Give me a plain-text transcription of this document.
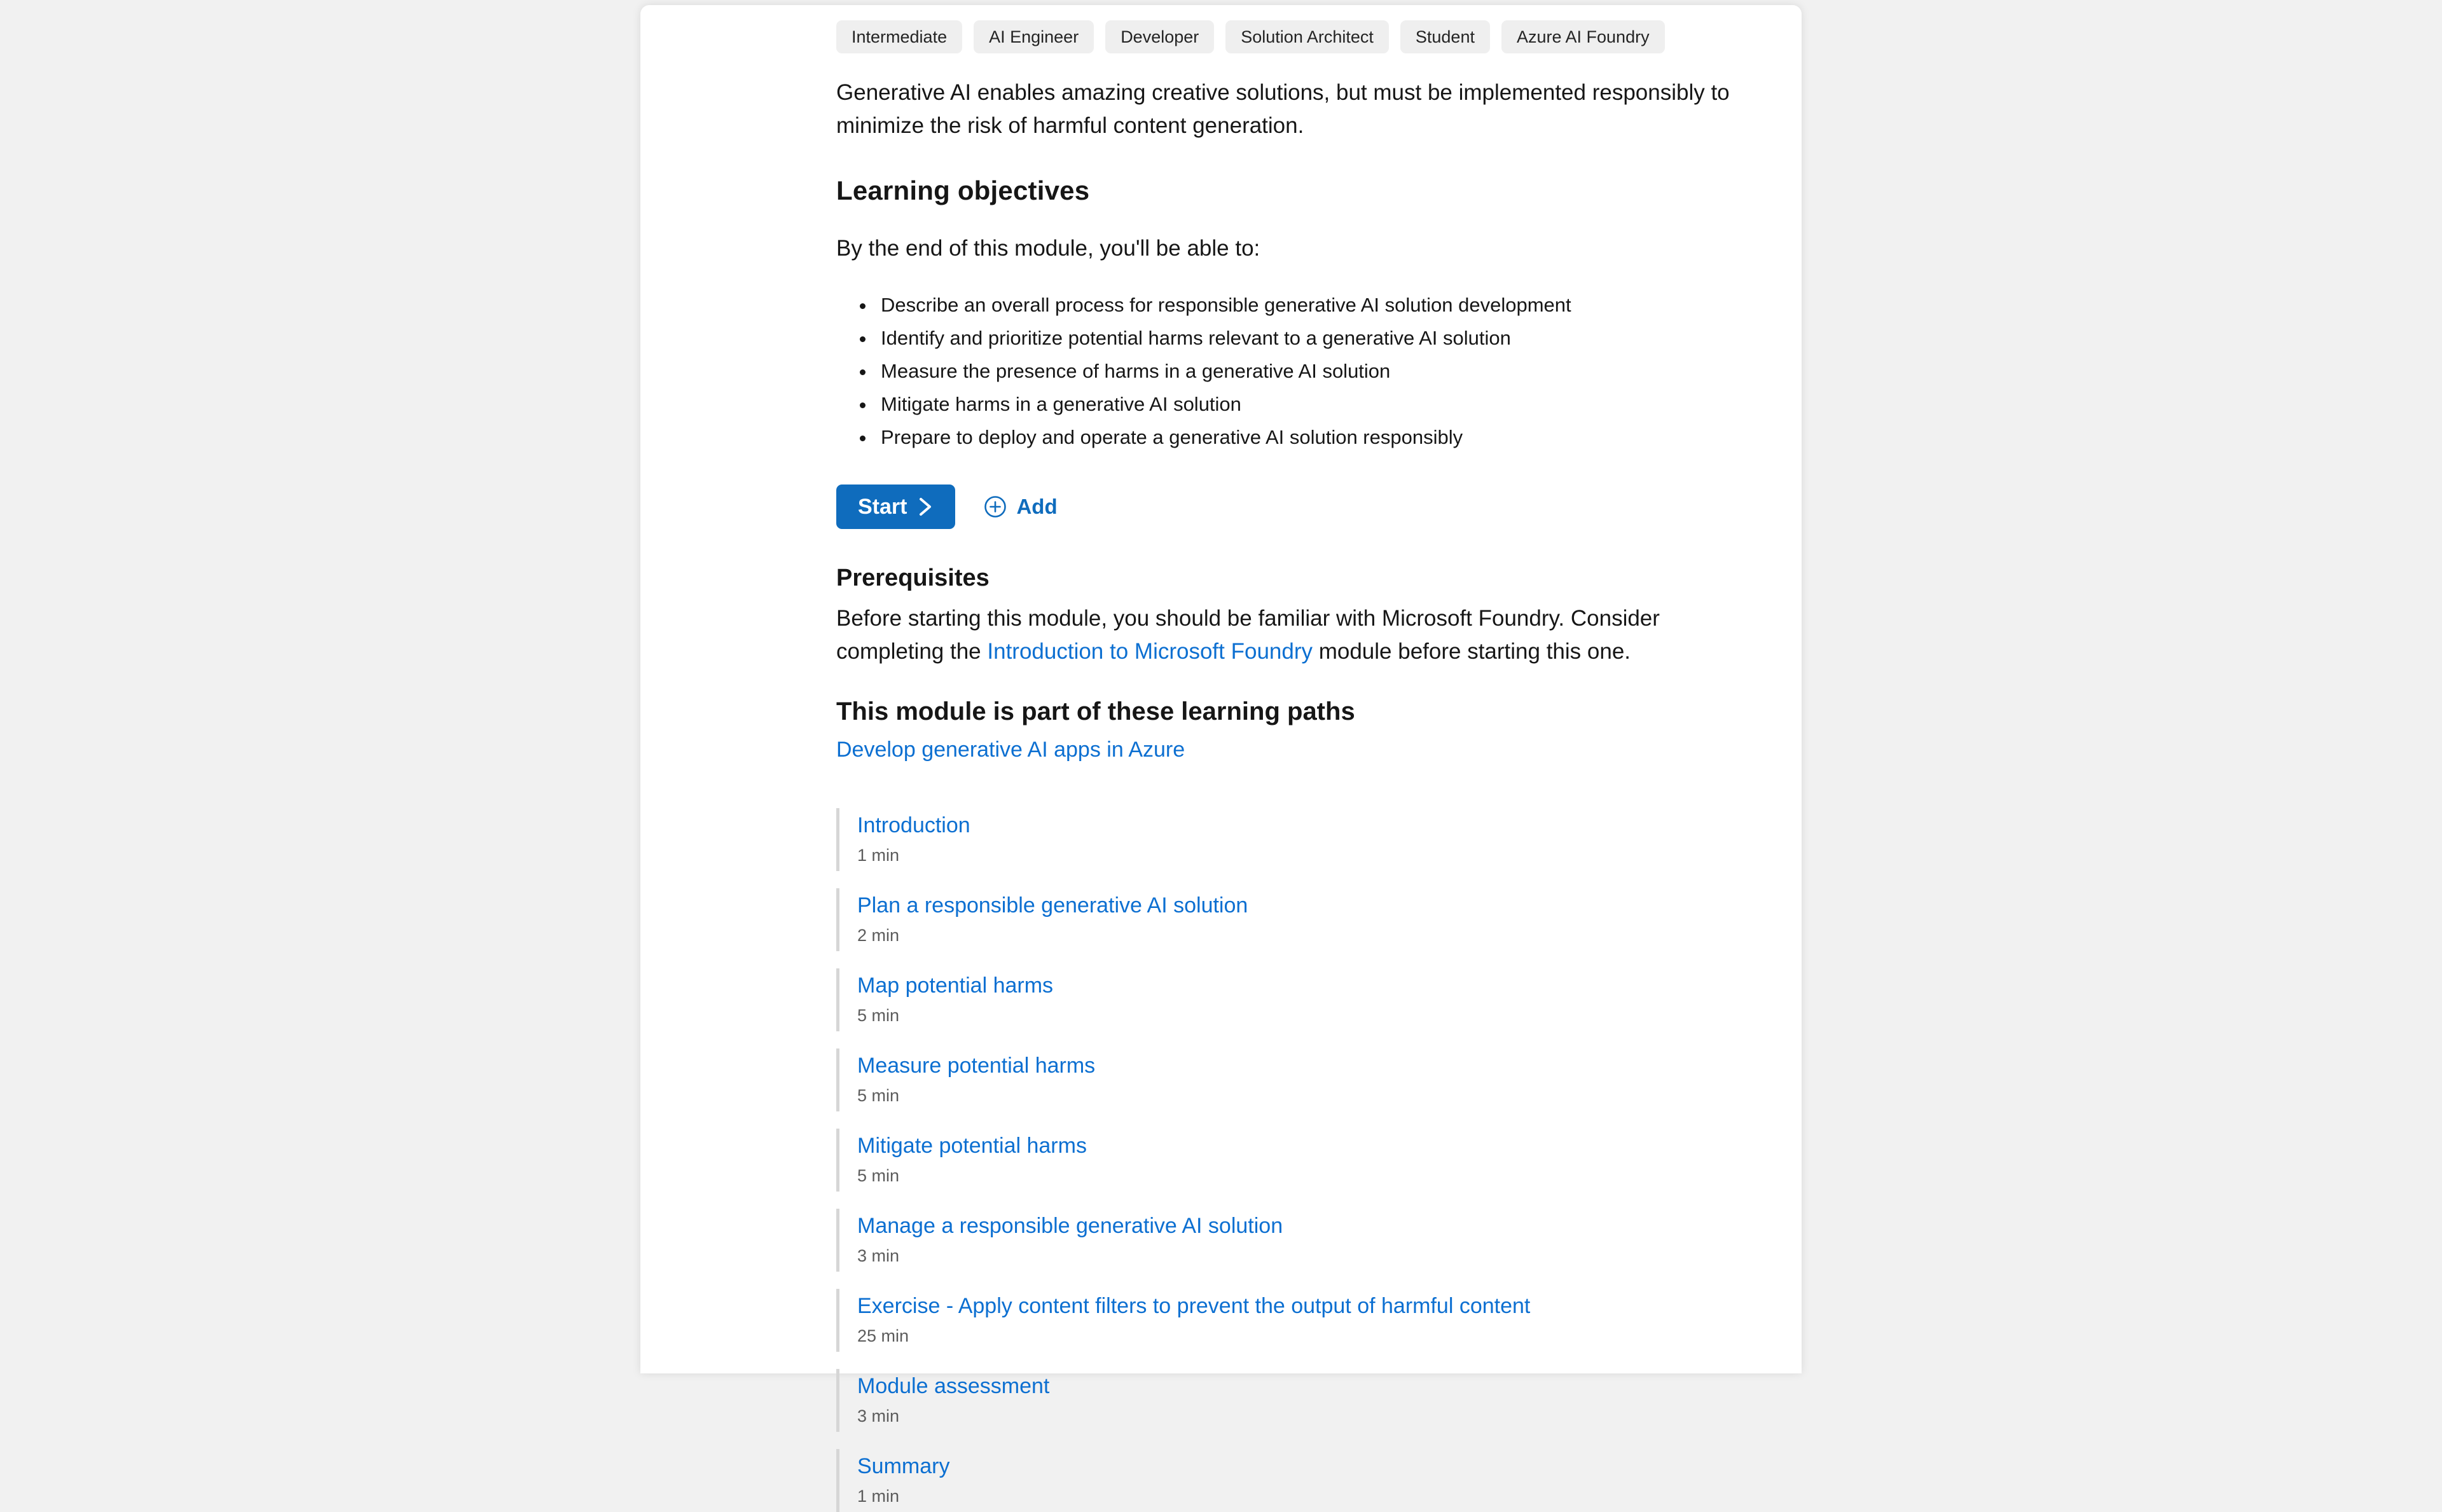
Intermediate	AI Engineer	Developer	Solution Architect	Student	Azure AI Foundry

Generative AI enables amazing creative solutions, but must be implemented responsibly to minimize the risk of harmful content generation.

Learning objectives

By the end of this module, you'll be able to:

• Describe an overall process for responsible generative AI solution development
• Identify and prioritize potential harms relevant to a generative AI solution
• Measure the presence of harms in a generative AI solution
• Mitigate harms in a generative AI solution
• Prepare to deploy and operate a generative AI solution responsibly
Start	Add
Prerequisites

Before starting this module, you should be familiar with Microsoft Foundry. Consider completing the Introduction to Microsoft Foundry module before starting this one.

This module is part of these learning paths
Develop generative AI apps in Azure
Introduction
1 min
Plan a responsible generative AI solution
2 min
Map potential harms
5 min
Measure potential harms
5 min
Mitigate potential harms
5 min
Manage a responsible generative AI solution
3 min
Exercise - Apply content filters to prevent the output of harmful content
25 min
Module assessment
3 min
Summary
1 min
